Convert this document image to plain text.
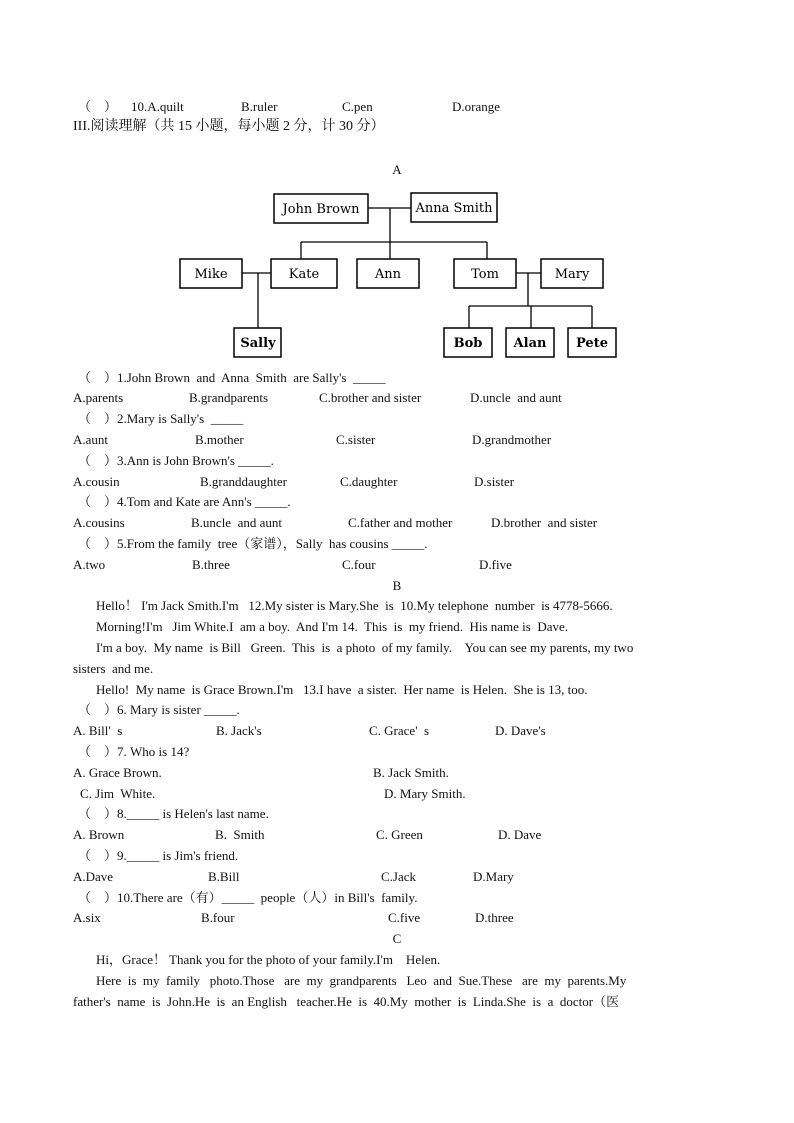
（    ） 10.A.quilt	B.ruler	C.pen	D.orange
III.阅读理解（共 15 小题，每小题 2 分，计 30 分）
A
John Brown	Anna Smith
Mike	Kate	Ann	Tom	Mary
Sally	Bob Alan Pete
（    ）1.John Brown  and  Anna  Smith  are Sally's  _____
A.parents	B.grandparents	C.brother and sister	D.uncle  and aunt
（    ）2.Mary is Sally's  _____
A.aunt	B.mother	C.sister	D.grandmother
（    ）3.Ann is John Brown's _____.
A.cousin	B.granddaughter	C.daughter	D.sister
（    ）4.Tom and Kate are Ann's _____.
A.cousins	B.uncle  and aunt	C.father and mother	D.brother  and sister
（    ）5.From the family  tree（家谱），Sally  has cousins _____.
A.two	B.three	C.four	D.five
B
Hello！ I'm Jack Smith.I'm   12.My sister is Mary.She  is  10.My telephone  number  is 4778-5666.
Morning!I'm   Jim White.I  am a boy.  And I'm 14.  This  is  my friend.  His name is  Dave.
I'm a boy.  My name  is Bill   Green.  This  is  a photo  of my family.    You can see my parents, my two
sisters  and me.
Hello!  My name  is Grace Brown.I'm   13.I have  a sister.  Her name  is Helen.  She is 13, too.
（    ）6. Mary is sister _____.
A. Bill'  s	B. Jack's	C. Grace'  s	D. Dave's
（    ）7. Who is 14?
A. Grace Brown.	B. Jack Smith.
C. Jim  White.	D. Mary Smith.
（    ）8._____ is Helen's last name.
A. Brown	B.  Smith	C. Green	D. Dave
（    ）9._____ is Jim's friend.
A.Dave	B.Bill	C.Jack	D.Mary
（    ）10.There are（有）_____  people（人）in Bill's  family.
A.six	B.four	C.five	D.three
C
Hi，Grace！ Thank you for the photo of your family.I'm    Helen.
Here  is  my  family   photo.Those   are  my  grandparents   Leo  and  Sue.These   are  my  parents.My
father's  name  is  John.He  is  an English   teacher.He  is  40.My  mother  is  Linda.She  is  a  doctor（医
